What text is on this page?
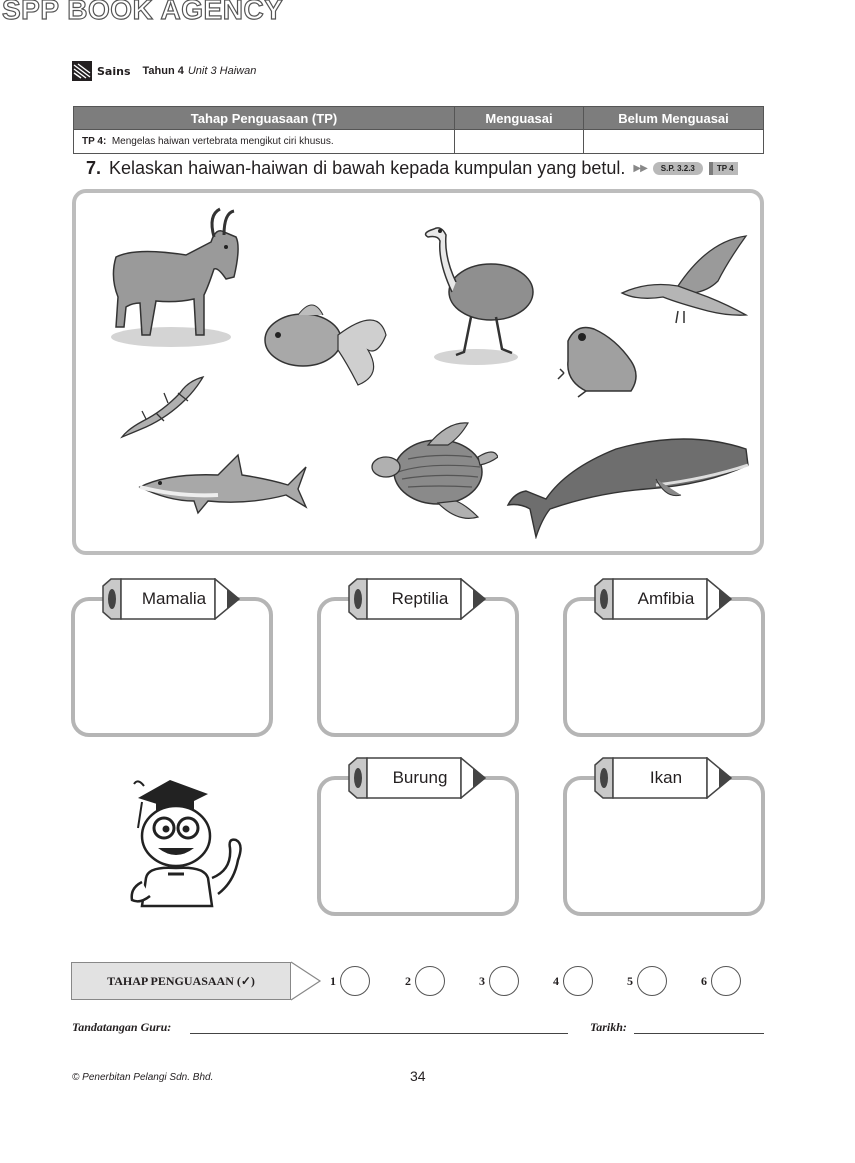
SPP BOOK AGENCY
Sains Tahun 4 Unit 3 Haiwan
Tahap Penguasaan (TP)	Menguasai	Belum Menguasai
TP 4: Mengelas haiwan vertebrata mengikut ciri khusus.		
7. Kelaskan haiwan-haiwan di bawah kepada kumpulan yang betul. ▶▶	S.P. 3.2.3	TP 4
Mamalia	Reptilia	Amfibia
Burung	Ikan
TAHAP PENGUASAAN (✓)	1	2	3	4	5	6
Tandatangan Guru:	Tarikh:
© Penerbitan Pelangi Sdn. Bhd.	34
